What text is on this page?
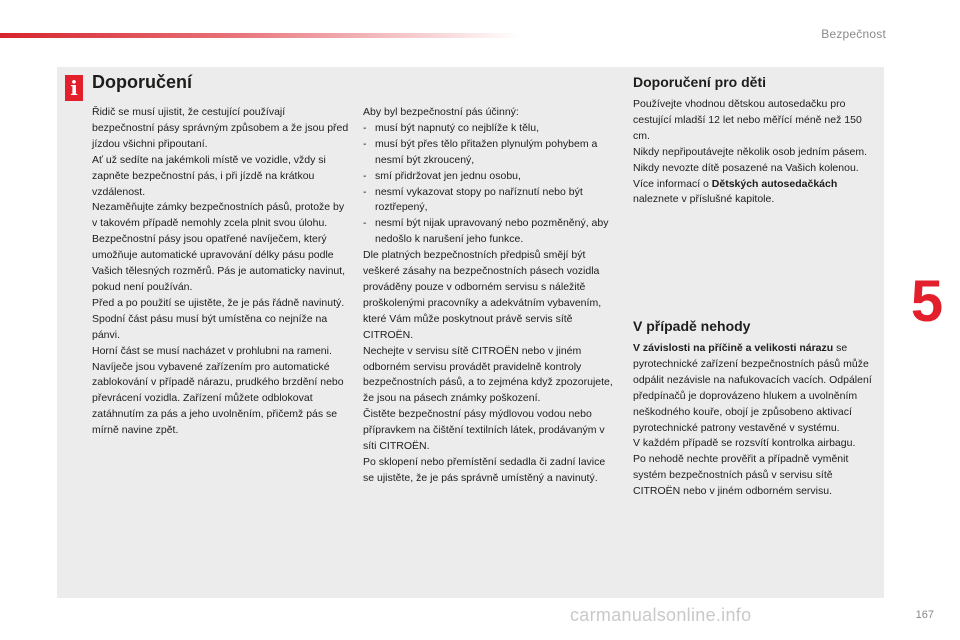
Bezpečnost
i Doporučení

Řidič se musí ujistit, že cestující používají bezpečnostní pásy správným způsobem a že jsou před jízdou všichni připoutaní.

Ať už sedíte na jakémkoli místě ve vozidle, vždy si zapněte bezpečnostní pás, i při jízdě na krátkou vzdálenost.

Nezaměňujte zámky bezpečnostních pásů, protože by v takovém případě nemohly zcela plnit svou úlohu.

Bezpečnostní pásy jsou opatřené navíječem, který umožňuje automatické upravování délky pásu podle Vašich tělesných rozměrů. Pás je automaticky navinut, pokud není používán.

Před a po použití se ujistěte, že je pás řádně navinutý.

Spodní část pásu musí být umístěna co nejníže na pánvi.

Horní část se musí nacházet v prohlubni na rameni.

Navíječe jsou vybavené zařízením pro automatické zablokování v případě nárazu, prudkého brzdění nebo převrácení vozidla. Zařízení můžete odblokovat zatáhnutím za pás a jeho uvolněním, přičemž pás se mírně navine zpět.

Aby byl bezpečnostní pás účinný:

- musí být napnutý co nejblíže k tělu,
- musí být přes tělo přitažen plynulým pohybem a nesmí být zkroucený,
- smí přidržovat jen jednu osobu,
- nesmí vykazovat stopy po naříznutí nebo být roztřepený,
- nesmí být nijak upravovaný nebo pozměněný, aby nedošlo k narušení jeho funkce.

Dle platných bezpečnostních předpisů smějí být veškeré zásahy na bezpečnostních pásech vozidla prováděny pouze v odborném servisu s náležitě proškolenými pracovníky a adekvátním vybavením, které Vám může poskytnout právě servis sítě CITROËN.

Nechejte v servisu sítě CITROËN nebo v jiném odborném servisu provádět pravidelně kontroly bezpečnostních pásů, a to zejména když zpozorujete, že jsou na pásech známky poškození.

Čistěte bezpečnostní pásy mýdlovou vodou nebo přípravkem na čištění textilních látek, prodávaným v síti CITROËN.

Po sklopení nebo přemístění sedadla či zadní lavice se ujistěte, že je pás správně umístěný a navinutý.

Doporučení pro děti

Používejte vhodnou dětskou autosedačku pro cestující mladší 12 let nebo měřící méně než 150 cm.

Nikdy nepřipoutávejte několik osob jedním pásem.

Nikdy nevozte dítě posazené na Vašich kolenou.

Více informací o Dětských autosedačkách naleznete v příslušné kapitole.

V případě nehody

V závislosti na příčině a velikosti nárazu se pyrotechnické zařízení bezpečnostních pásů může odpálit nezávisle na nafukovacích vacích. Odpálení předpínačů je doprovázeno hlukem a uvolněním neškodného kouře, obojí je způsobeno aktivací pyrotechnické patrony vestavěné v systému.

V každém případě se rozsvítí kontrolka airbagu.

Po nehodě nechte prověřit a případně vyměnit systém bezpečnostních pásů v servisu sítě CITROËN nebo v jiném odborném servisu.

5
167
carmanualsonline.info
